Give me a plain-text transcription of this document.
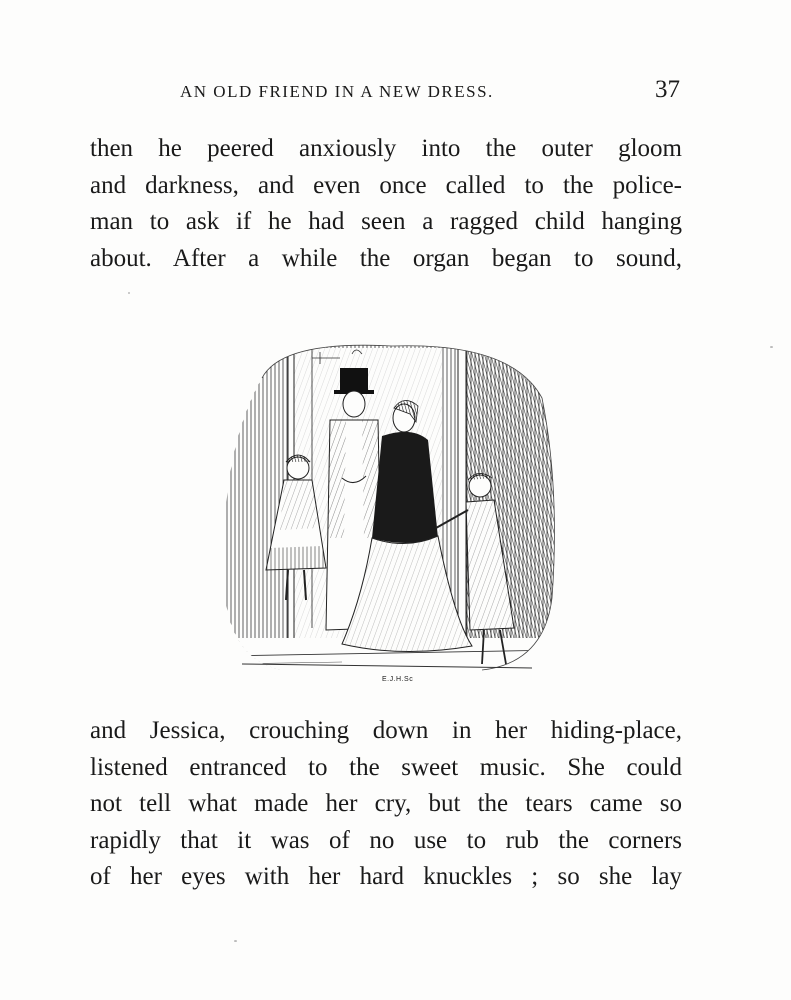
AN OLD FRIEND IN A NEW DRESS.	37
then he peered anxiously into the outer gloom
and darkness, and even once called to the police-
man to ask if he had seen a ragged child hanging
about. After a while the organ began to sound,
E.J.H.Sc
and Jessica, crouching down in her hiding-place,
listened entranced to the sweet music. She could
not tell what made her cry, but the tears came so
rapidly that it was of no use to rub the corners
of her eyes with her hard knuckles ; so she lay
